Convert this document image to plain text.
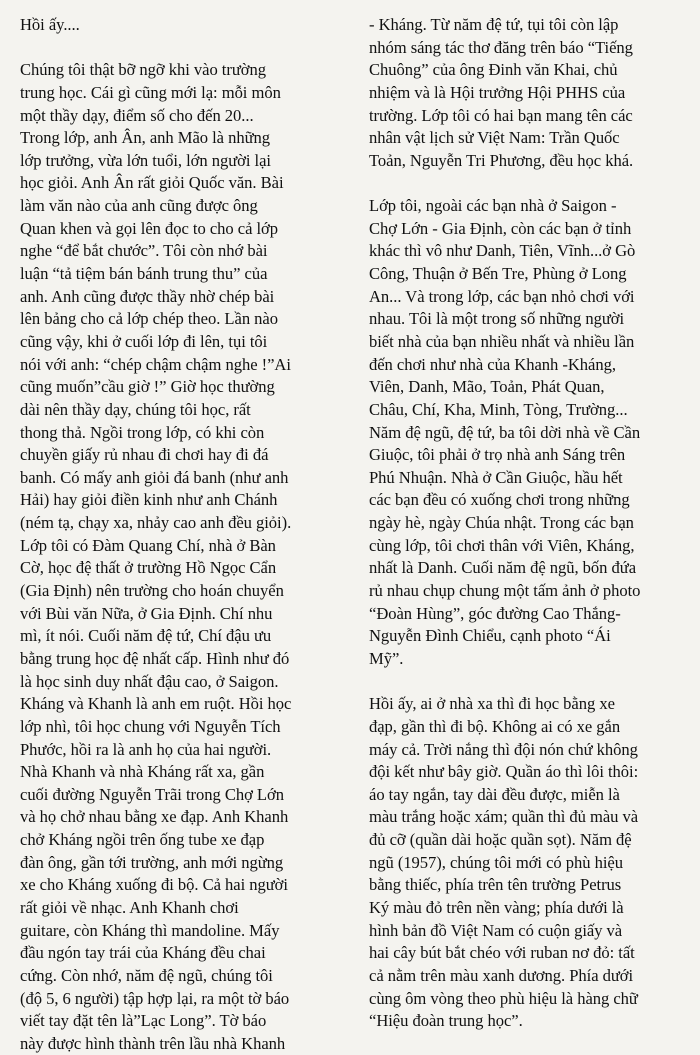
Hồi ấy....
Chúng tôi thật bỡ ngỡ khi vào trường
trung học. Cái gì cũng mới lạ: mỗi môn
một thầy dạy, điểm số cho đến 20...
Trong lớp, anh Ân, anh Mão là những
lớp trưởng, vừa lớn tuổi, lớn người lại
học giỏi. Anh Ân rất giỏi Quốc văn. Bài
làm văn nào của anh cũng được ông
Quan khen và gọi lên đọc to cho cả lớp
nghe “để bắt chước”. Tôi còn nhớ bài
luận “tả tiệm bán bánh trung thu” của
anh. Anh cũng được thầy nhờ chép bài
lên bảng cho cả lớp chép theo. Lần nào
cũng vậy, khi ở cuối lớp đi lên, tụi tôi
nói với anh: “chép chậm chậm nghe !”Ai
cũng muốn”cầu giờ !” Giờ học thường
dài nên thầy dạy, chúng tôi học, rất
thong thả. Ngồi trong lớp, có khi còn
chuyền giấy rủ nhau đi chơi hay đi đá
banh. Có mấy anh giỏi đá banh (như anh
Hải) hay giỏi điền kinh như anh Chánh
(ném tạ, chạy xa, nhảy cao anh đều giỏi).
Lớp tôi có Đàm Quang Chí, nhà ở Bàn
Cờ, học đệ thất ở trường Hồ Ngọc Cẩn
(Gia Định) nên trường cho hoán chuyển
với Bùi văn Nữa, ở Gia Định. Chí nhu
mì, ít nói. Cuối năm đệ tứ, Chí đậu ưu
bằng trung học đệ nhất cấp. Hình như đó
là học sinh duy nhất đậu cao, ở Saigon.
Kháng và Khanh là anh em ruột. Hồi học
lớp nhì, tôi học chung với Nguyễn Tích
Phước, hồi ra là anh họ của hai người.
Nhà Khanh và nhà Kháng rất xa, gần
cuối đường Nguyễn Trãi trong Chợ Lớn
và họ chở nhau bằng xe đạp. Anh Khanh
chở Kháng ngồi trên ống tube xe đạp
đàn ông, gần tới trường, anh mới ngừng
xe cho Kháng xuống đi bộ. Cả hai người
rất giỏi về nhạc. Anh Khanh chơi
guitare, còn Kháng thì mandoline. Mấy
đầu ngón tay trái của Kháng đều chai
cứng. Còn nhớ, năm đệ ngũ, chúng tôi
(độ 5, 6 người) tập hợp lại, ra một tờ báo
viết tay đặt tên là”Lạc Long”. Tờ báo
này được hình thành trên lầu nhà Khanh
- Kháng. Từ năm đệ tứ, tụi tôi còn lập
nhóm sáng tác thơ đăng trên báo “Tiếng
Chuông” của ông Đinh văn Khai, chủ
nhiệm và là Hội trưởng Hội PHHS của
trường. Lớp tôi có hai bạn mang tên các
nhân vật lịch sử Việt Nam: Trần Quốc
Toản, Nguyễn Tri Phương, đều học khá.
Lớp tôi, ngoài các bạn nhà ở Saigon -
Chợ Lớn - Gia Định, còn các bạn ở tỉnh
khác thì vô như Danh, Tiên, Vĩnh...ở Gò
Công, Thuận ở Bến Tre, Phùng ở Long
An... Và trong lớp, các bạn nhỏ chơi với
nhau. Tôi là một trong số những người
biết nhà của bạn nhiều nhất và nhiều lần
đến chơi như nhà của Khanh -Kháng,
Viên, Danh, Mão, Toản, Phát Quan,
Châu, Chí, Kha, Minh, Tòng, Trường...
Năm đệ ngũ, đệ tứ, ba tôi dời nhà về Cần
Giuộc, tôi phải ở trọ nhà anh Sáng trên
Phú Nhuận. Nhà ở Cần Giuộc, hầu hết
các bạn đều có xuống chơi trong những
ngày hè, ngày Chúa nhật. Trong các bạn
cùng lớp, tôi chơi thân với Viên, Kháng,
nhất là Danh. Cuối năm đệ ngũ, bốn đứa
rủ nhau chụp chung một tấm ảnh ở photo
“Đoàn Hùng”, góc đường Cao Thắng-
Nguyễn Đình Chiểu, cạnh photo “Ái
Mỹ”.
Hồi ấy, ai ở nhà xa thì đi học bằng xe
đạp, gần thì đi bộ. Không ai có xe gắn
máy cả. Trời nắng thì đội nón chứ không
đội kết như bây giờ. Quần áo thì lôi thôi:
áo tay ngắn, tay dài đều được, miễn là
màu trắng hoặc xám; quần thì đủ màu và
đủ cỡ (quần dài hoặc quần sọt). Năm đệ
ngũ (1957), chúng tôi mới có phù hiệu
bằng thiếc, phía trên tên trường Petrus
Ký màu đỏ trên nền vàng; phía dưới là
hình bản đồ Việt Nam có cuộn giấy và
hai cây bút bắt chéo với ruban nơ đỏ: tất
cả nằm trên màu xanh dương. Phía dưới
cùng ôm vòng theo phù hiệu là hàng chữ
“Hiệu đoàn trung học”.
